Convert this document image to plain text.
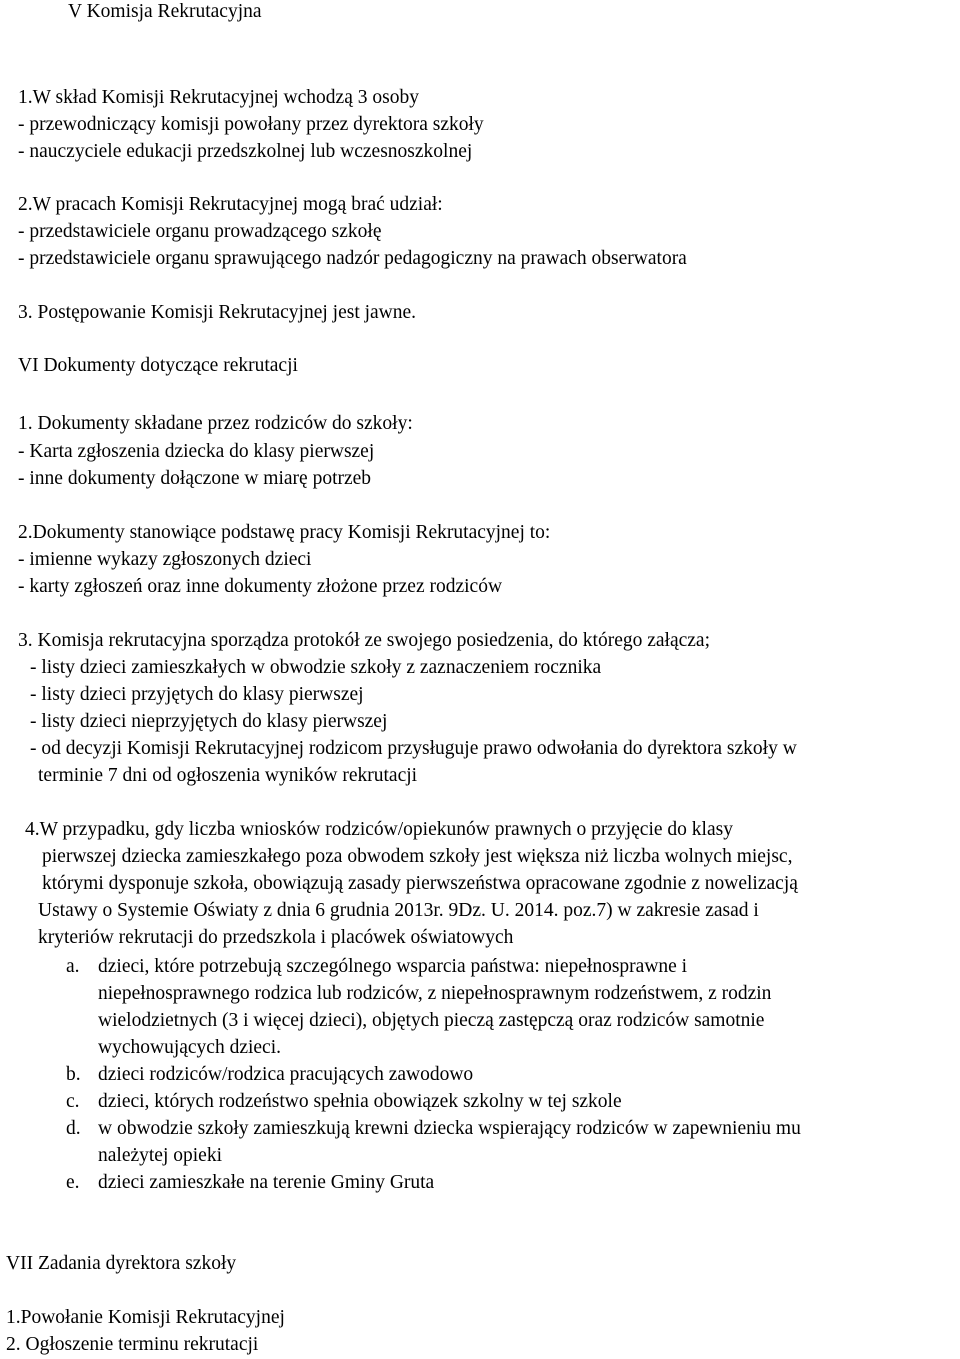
V Komisja Rekrutacyjna
1.W skład Komisji Rekrutacyjnej wchodzą 3 osoby
- przewodniczący komisji powołany przez dyrektora szkoły
- nauczyciele edukacji przedszkolnej lub wczesnoszkolnej
2.W pracach Komisji Rekrutacyjnej mogą brać udział:
- przedstawiciele organu prowadzącego szkołę
- przedstawiciele organu sprawującego nadzór pedagogiczny na prawach obserwatora
3. Postępowanie Komisji Rekrutacyjnej jest jawne.
VI Dokumenty dotyczące rekrutacji
1. Dokumenty składane przez rodziców do szkoły:
- Karta zgłoszenia dziecka do klasy pierwszej
- inne dokumenty dołączone w miarę potrzeb
2.Dokumenty stanowiące podstawę pracy Komisji Rekrutacyjnej to:
- imienne wykazy zgłoszonych dzieci
- karty zgłoszeń oraz inne dokumenty złożone przez rodziców
3. Komisja rekrutacyjna sporządza protokół ze swojego posiedzenia, do którego załącza;
- listy dzieci zamieszkałych w obwodzie szkoły z zaznaczeniem rocznika
- listy dzieci przyjętych do klasy pierwszej
- listy dzieci nieprzyjętych do klasy pierwszej
- od decyzji Komisji Rekrutacyjnej rodzicom przysługuje prawo odwołania do dyrektora szkoły w
terminie 7 dni od ogłoszenia wyników rekrutacji
4.W przypadku, gdy liczba wniosków rodziców/opiekunów prawnych o przyjęcie do klasy
pierwszej dziecka zamieszkałego poza obwodem szkoły jest większa niż liczba wolnych miejsc,
którymi dysponuje szkoła, obowiązują zasady pierwszeństwa opracowane zgodnie z nowelizacją
Ustawy o Systemie Oświaty z dnia 6 grudnia 2013r. 9Dz. U. 2014. poz.7) w zakresie zasad i
kryteriów rekrutacji do przedszkola i placówek oświatowych
a. dzieci, które potrzebują szczególnego wsparcia państwa: niepełnosprawne i
niepełnosprawnego rodzica lub rodziców, z niepełnosprawnym rodzeństwem, z rodzin
wielodzietnych (3 i więcej dzieci), objętych pieczą zastępczą oraz rodziców samotnie
wychowujących dzieci.
b. dzieci rodziców/rodzica pracujących zawodowo
c. dzieci, których rodzeństwo spełnia obowiązek szkolny w tej szkole
d. w obwodzie szkoły zamieszkują krewni dziecka wspierający rodziców w zapewnieniu mu
należytej opieki
e. dzieci zamieszkałe na terenie Gminy Gruta
VII Zadania dyrektora szkoły
1.Powołanie Komisji Rekrutacyjnej
2. Ogłoszenie terminu rekrutacji
